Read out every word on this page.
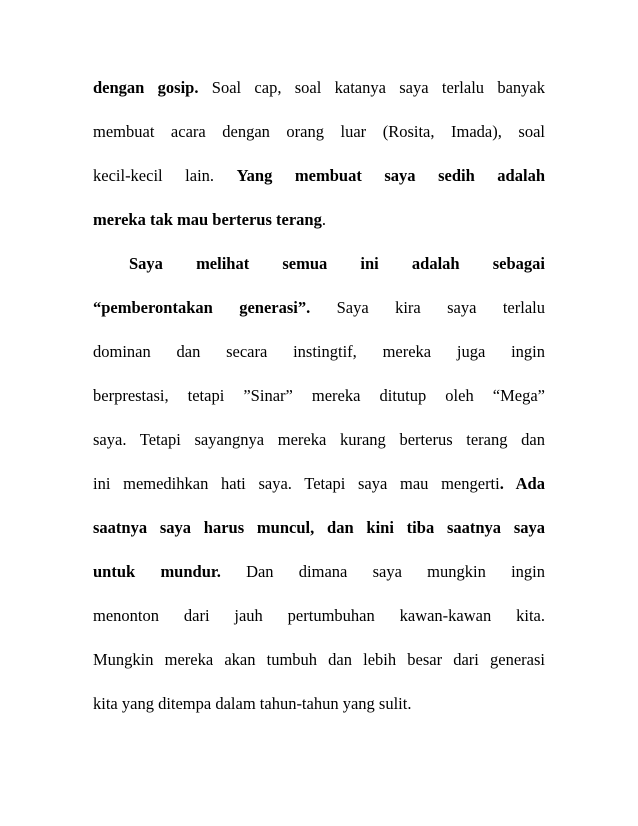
dengan gosip. Soal cap, soal katanya saya terlalu banyak
membuat acara dengan orang luar (Rosita, Imada), soal
kecil-kecil lain. Yang membuat saya sedih adalah
mereka tak mau berterus terang.
Saya melihat semua ini adalah sebagai
“pemberontakan generasi”. Saya kira saya terlalu
dominan dan secara instingtif, mereka juga ingin
berprestasi, tetapi ”Sinar” mereka ditutup oleh “Mega”
saya. Tetapi sayangnya mereka kurang berterus terang dan
ini memedihkan hati saya. Tetapi saya mau mengerti. Ada
saatnya saya harus muncul, dan kini tiba saatnya saya
untuk mundur. Dan dimana saya mungkin ingin
menonton dari jauh pertumbuhan kawan-kawan kita.
Mungkin mereka akan tumbuh dan lebih besar dari generasi
kita yang ditempa dalam tahun-tahun yang sulit.
